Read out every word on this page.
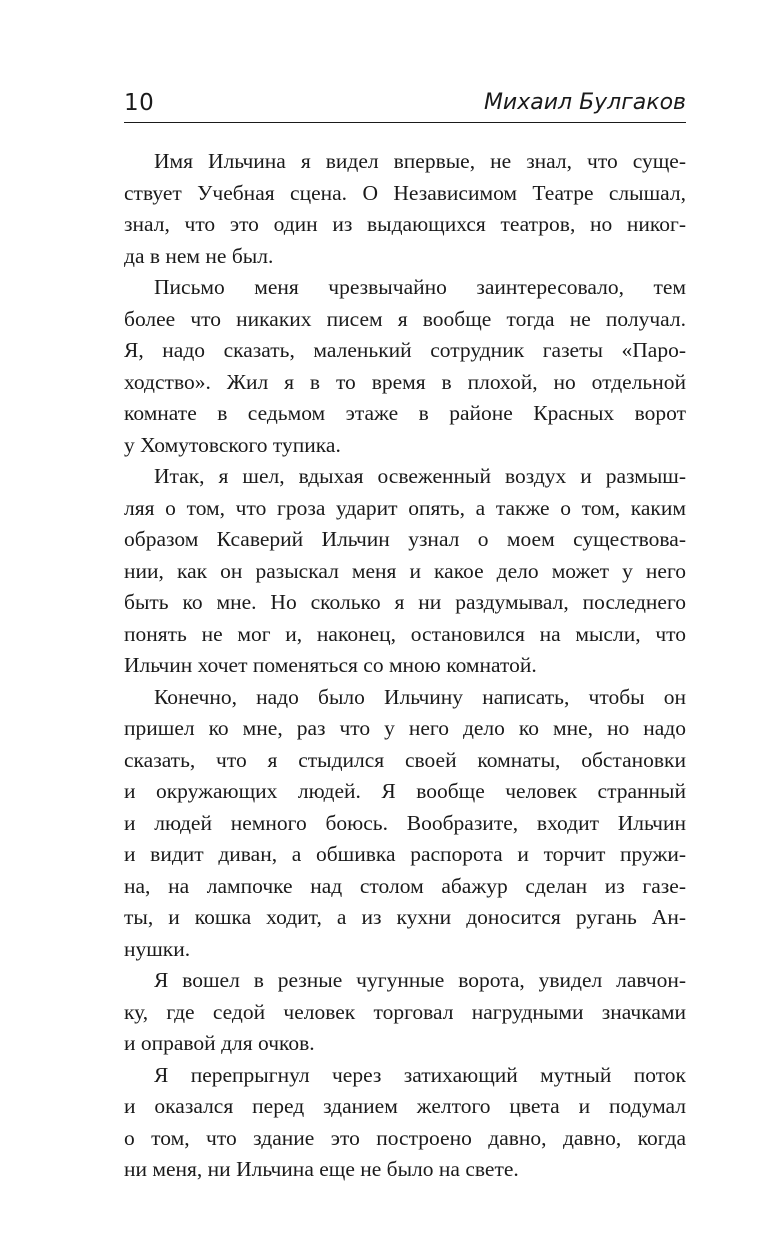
10	Михаил Булгаков
Имя Ильчина я видел впервые, не знал, что суще-
ствует Учебная сцена. О Независимом Театре слышал,
знал, что это один из выдающихся театров, но никог-
да в нем не был.
Письмо меня чрезвычайно заинтересовало, тем
более что никаких писем я вообще тогда не получал.
Я, надо сказать, маленький сотрудник газеты «Паро-
ходство». Жил я в то время в плохой, но отдельной
комнате в седьмом этаже в районе Красных ворот
у Хомутовского тупика.
Итак, я шел, вдыхая освеженный воздух и размыш-
ляя о том, что гроза ударит опять, а также о том, каким
образом Ксаверий Ильчин узнал о моем существова-
нии, как он разыскал меня и какое дело может у него
быть ко мне. Но сколько я ни раздумывал, последнего
понять не мог и, наконец, остановился на мысли, что
Ильчин хочет поменяться со мною комнатой.
Конечно, надо было Ильчину написать, чтобы он
пришел ко мне, раз что у него дело ко мне, но надо
сказать, что я стыдился своей комнаты, обстановки
и окружающих людей. Я вообще человек странный
и людей немного боюсь. Вообразите, входит Ильчин
и видит диван, а обшивка распорота и торчит пружи-
на, на лампочке над столом абажур сделан из газе-
ты, и кошка ходит, а из кухни доносится ругань Ан-
нушки.
Я вошел в резные чугунные ворота, увидел лавчон-
ку, где седой человек торговал нагрудными значками
и оправой для очков.
Я перепрыгнул через затихающий мутный поток
и оказался перед зданием желтого цвета и подумал
о том, что здание это построено давно, давно, когда
ни меня, ни Ильчина еще не было на свете.
